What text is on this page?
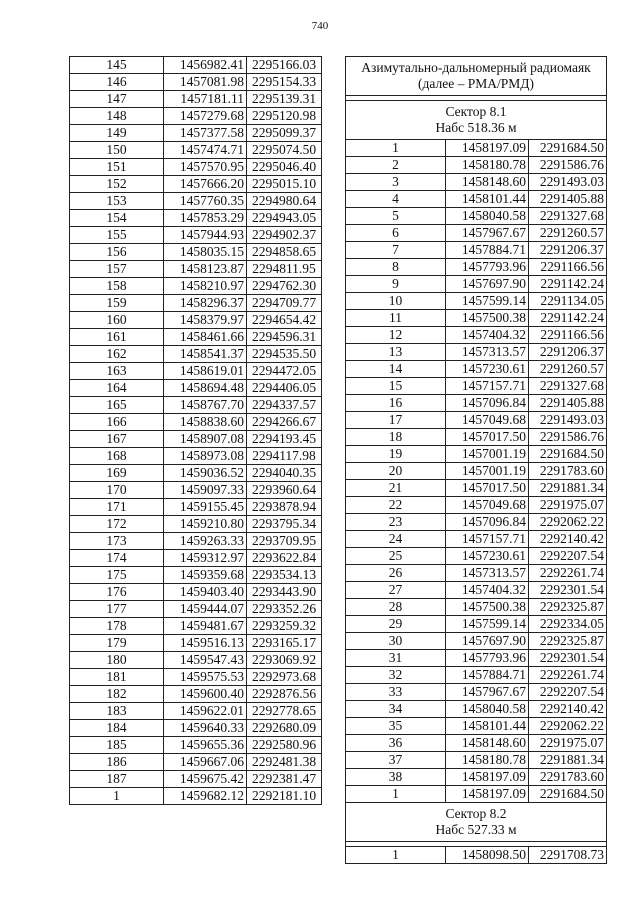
740
145	1456982.41	2295166.03
146	1457081.98	2295154.33
147	1457181.11	2295139.31
148	1457279.68	2295120.98
149	1457377.58	2295099.37
150	1457474.71	2295074.50
151	1457570.95	2295046.40
152	1457666.20	2295015.10
153	1457760.35	2294980.64
154	1457853.29	2294943.05
155	1457944.93	2294902.37
156	1458035.15	2294858.65
157	1458123.87	2294811.95
158	1458210.97	2294762.30
159	1458296.37	2294709.77
160	1458379.97	2294654.42
161	1458461.66	2294596.31
162	1458541.37	2294535.50
163	1458619.01	2294472.05
164	1458694.48	2294406.05
165	1458767.70	2294337.57
166	1458838.60	2294266.67
167	1458907.08	2294193.45
168	1458973.08	2294117.98
169	1459036.52	2294040.35
170	1459097.33	2293960.64
171	1459155.45	2293878.94
172	1459210.80	2293795.34
173	1459263.33	2293709.95
174	1459312.97	2293622.84
175	1459359.68	2293534.13
176	1459403.40	2293443.90
177	1459444.07	2293352.26
178	1459481.67	2293259.32
179	1459516.13	2293165.17
180	1459547.43	2293069.92
181	1459575.53	2292973.68
182	1459600.40	2292876.56
183	1459622.01	2292778.65
184	1459640.33	2292680.09
185	1459655.36	2292580.96
186	1459667.06	2292481.38
187	1459675.42	2292381.47
1	1459682.12	2292181.10
Азимутально-дальномерный радиомаяк (далее – РМА/РМД)		

Сектор 8.1
Набс 518.36 м		

1	1458197.09	2291684.50
2	1458180.78	2291586.76
3	1458148.60	2291493.03
4	1458101.44	2291405.88
5	1458040.58	2291327.68
6	1457967.67	2291260.57
7	1457884.71	2291206.37
8	1457793.96	2291166.56
9	1457697.90	2291142.24
10	1457599.14	2291134.05
11	1457500.38	2291142.24
12	1457404.32	2291166.56
13	1457313.57	2291206.37
14	1457230.61	2291260.57
15	1457157.71	2291327.68
16	1457096.84	2291405.88
17	1457049.68	2291493.03
18	1457017.50	2291586.76
19	1457001.19	2291684.50
20	1457001.19	2291783.60
21	1457017.50	2291881.34
22	1457049.68	2291975.07
23	1457096.84	2292062.22
24	1457157.71	2292140.42
25	1457230.61	2292207.54
26	1457313.57	2292261.74
27	1457404.32	2292301.54
28	1457500.38	2292325.87
29	1457599.14	2292334.05
30	1457697.90	2292325.87
31	1457793.96	2292301.54
32	1457884.71	2292261.74
33	1457967.67	2292207.54
34	1458040.58	2292140.42
35	1458101.44	2292062.22
36	1458148.60	2291975.07
37	1458180.78	2291881.34
38	1458197.09	2291783.60
1	1458197.09	2291684.50

Сектор 8.2
Набс 527.33 м		

1	1458098.50	2291708.73
